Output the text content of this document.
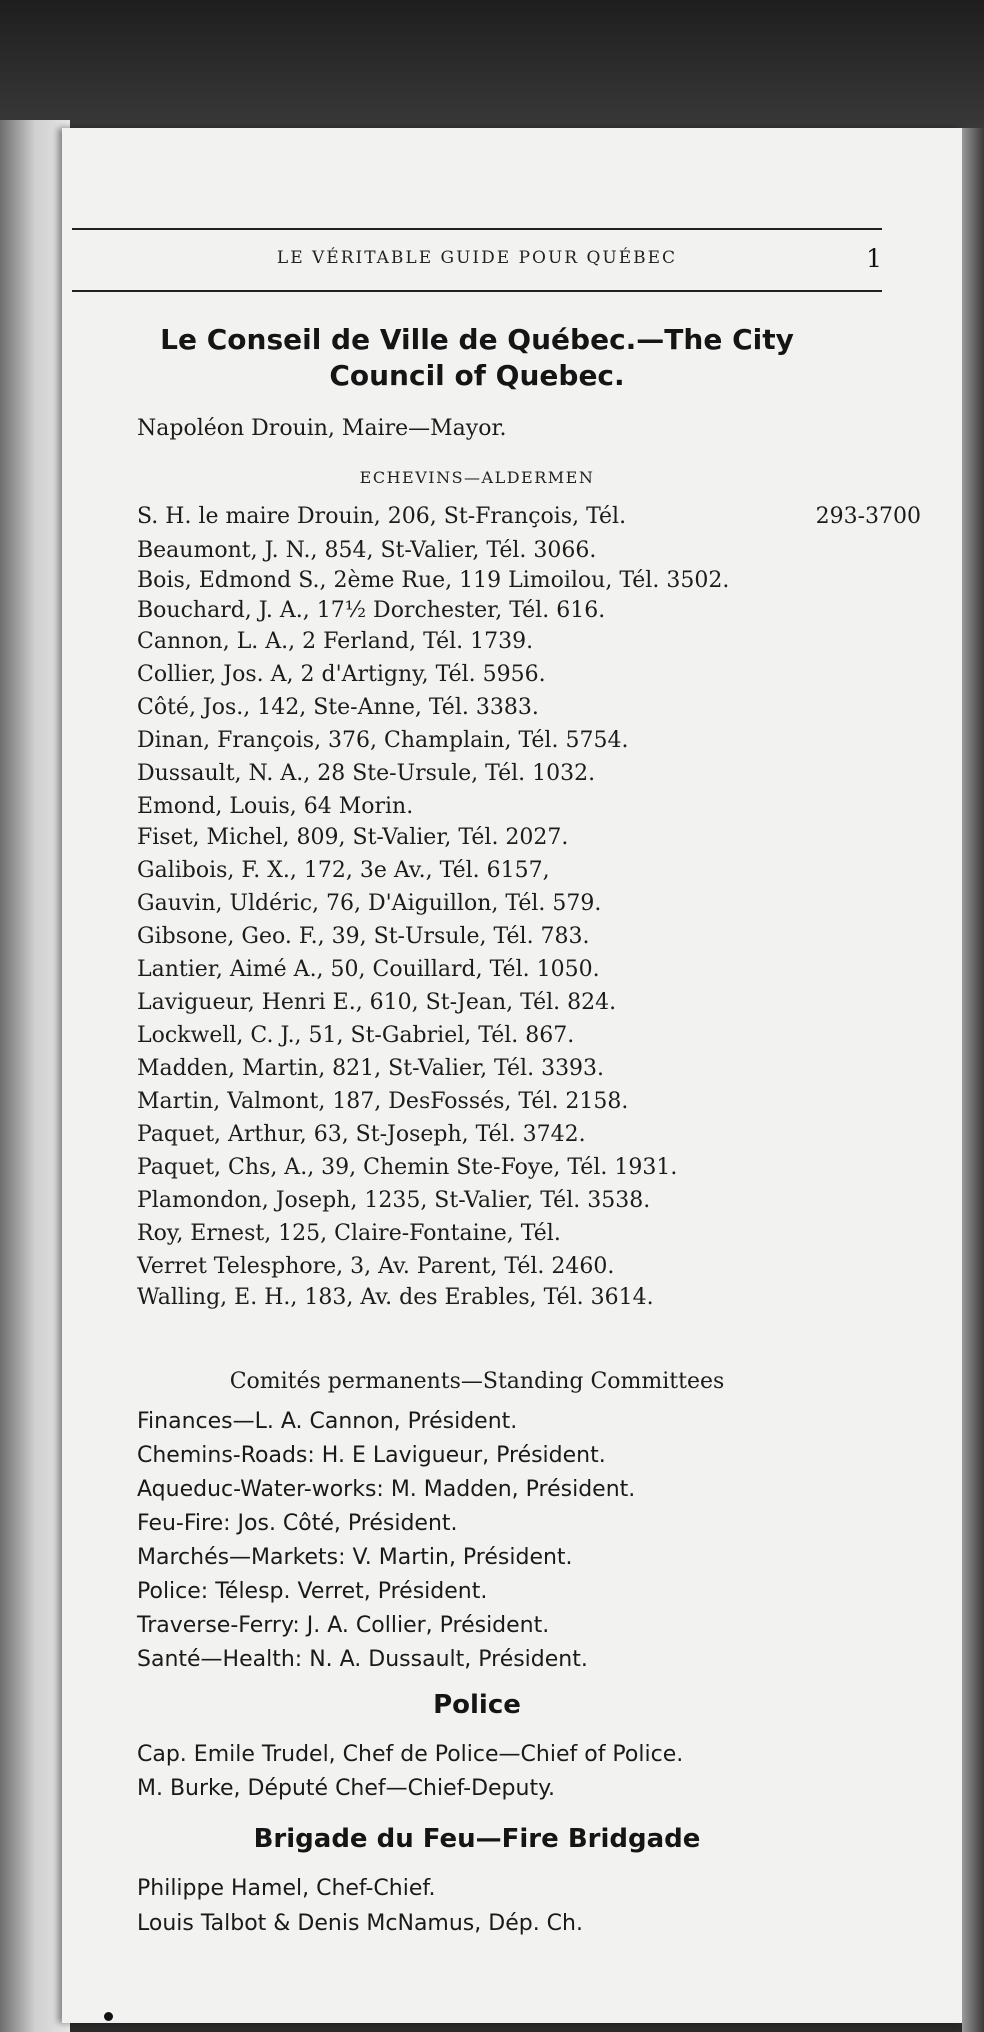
LE VÉRITABLE GUIDE POUR QUÉBEC	1
Le Conseil de Ville de Québec.—The City
Council of Quebec.
Napoléon Drouin, Maire—Mayor.
ECHEVINS—ALDERMEN
S. H. le maire Drouin, 206, St-François, Tél.	293-3700
Beaumont, J. N., 854, St-Valier, Tél. 3066.
Bois, Edmond S., 2ème Rue, 119 Limoilou, Tél. 3502.
Bouchard, J. A., 17½ Dorchester, Tél. 616.
Cannon, L. A., 2 Ferland, Tél. 1739.
Collier, Jos. A, 2 d'Artigny, Tél. 5956.
Côté, Jos., 142, Ste-Anne, Tél. 3383.
Dinan, François, 376, Champlain, Tél. 5754.
Dussault, N. A., 28 Ste-Ursule, Tél. 1032.
Emond, Louis, 64 Morin.
Fiset, Michel, 809, St-Valier, Tél. 2027.
Galibois, F. X., 172, 3e Av., Tél. 6157,
Gauvin, Uldéric, 76, D'Aiguillon, Tél. 579.
Gibsone, Geo. F., 39, St-Ursule, Tél. 783.
Lantier, Aimé A., 50, Couillard, Tél. 1050.
Lavigueur, Henri E., 610, St-Jean, Tél. 824.
Lockwell, C. J., 51, St-Gabriel, Tél. 867.
Madden, Martin, 821, St-Valier, Tél. 3393.
Martin, Valmont, 187, DesFossés, Tél. 2158.
Paquet, Arthur, 63, St-Joseph, Tél. 3742.
Paquet, Chs, A., 39, Chemin Ste-Foye, Tél. 1931.
Plamondon, Joseph, 1235, St-Valier, Tél. 3538.
Roy, Ernest, 125, Claire-Fontaine, Tél.
Verret Telesphore, 3, Av. Parent, Tél. 2460.
Walling, E. H., 183, Av. des Erables, Tél. 3614.
Comités permanents—Standing Committees
Finances—L. A. Cannon, Président.
Chemins-Roads: H. E Lavigueur, Président.
Aqueduc-Water-works: M. Madden, Président.
Feu-Fire: Jos. Côté, Président.
Marchés—Markets: V. Martin, Président.
Police: Télesp. Verret, Président.
Traverse-Ferry: J. A. Collier, Président.
Santé—Health: N. A. Dussault, Président.
Police
Cap. Emile Trudel, Chef de Police—Chief of Police.
M. Burke, Député Chef—Chief-Deputy.
Brigade du Feu—Fire Bridgade
Philippe Hamel, Chef-Chief.
Louis Talbot & Denis McNamus, Dép. Ch.
